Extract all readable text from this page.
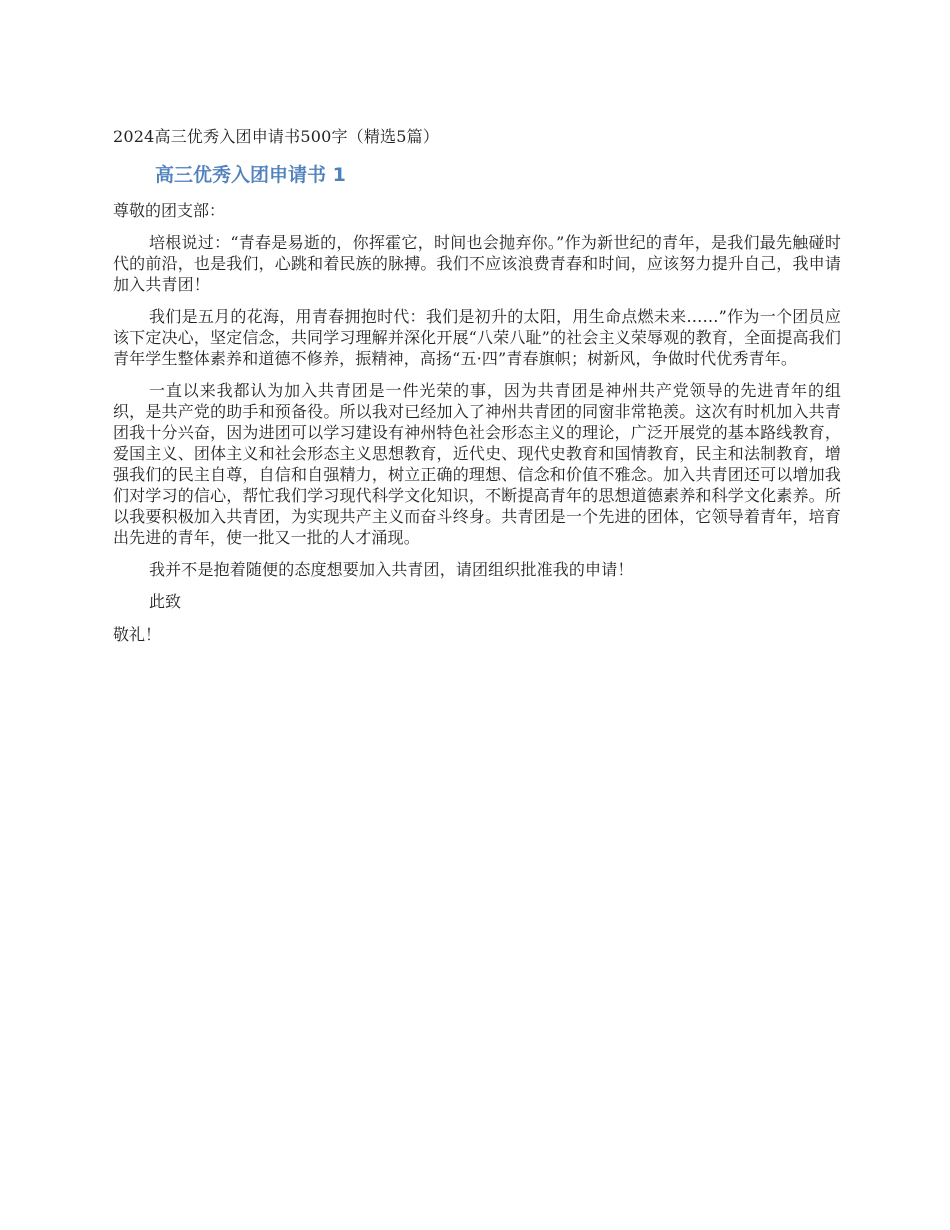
2024高三优秀入团申请书500字（精选5篇）
高三优秀入团申请书 1
尊敬的团支部：

培根说过：“青春是易逝的，你挥霍它，时间也会抛弃你。”作为新世纪的青年，是我们最先触碰时代的前沿，也是我们，心跳和着民族的脉搏。我们不应该浪费青春和时间，应该努力提升自己，我申请加入共青团！

我们是五月的花海，用青春拥抱时代：我们是初升的太阳，用生命点燃未来……”作为一个团员应该下定决心，坚定信念，共同学习理解并深化开展“八荣八耻”的社会主义荣辱观的教育，全面提高我们青年学生整体素养和道德不修养，振精神，高扬“五·四”青春旗帜；树新风，争做时代优秀青年。

一直以来我都认为加入共青团是一件光荣的事，因为共青团是神州共产党领导的先进青年的组织，是共产党的助手和预备役。所以我对已经加入了神州共青团的同窗非常艳羡。这次有时机加入共青团我十分兴奋，因为进团可以学习建设有神州特色社会形态主义的理论，广泛开展党的基本路线教育，爱国主义、团体主义和社会形态主义思想教育，近代史、现代史教育和国情教育，民主和法制教育，增强我们的民主自尊，自信和自强精力，树立正确的理想、信念和价值不雅念。加入共青团还可以增加我们对学习的信心，帮忙我们学习现代科学文化知识，不断提高青年的思想道德素养和科学文化素养。所以我要积极加入共青团，为实现共产主义而奋斗终身。共青团是一个先进的团体，它领导着青年，培育出先进的青年，使一批又一批的人才涌现。

我并不是抱着随便的态度想要加入共青团，请团组织批准我的申请！

此致
敬礼！
